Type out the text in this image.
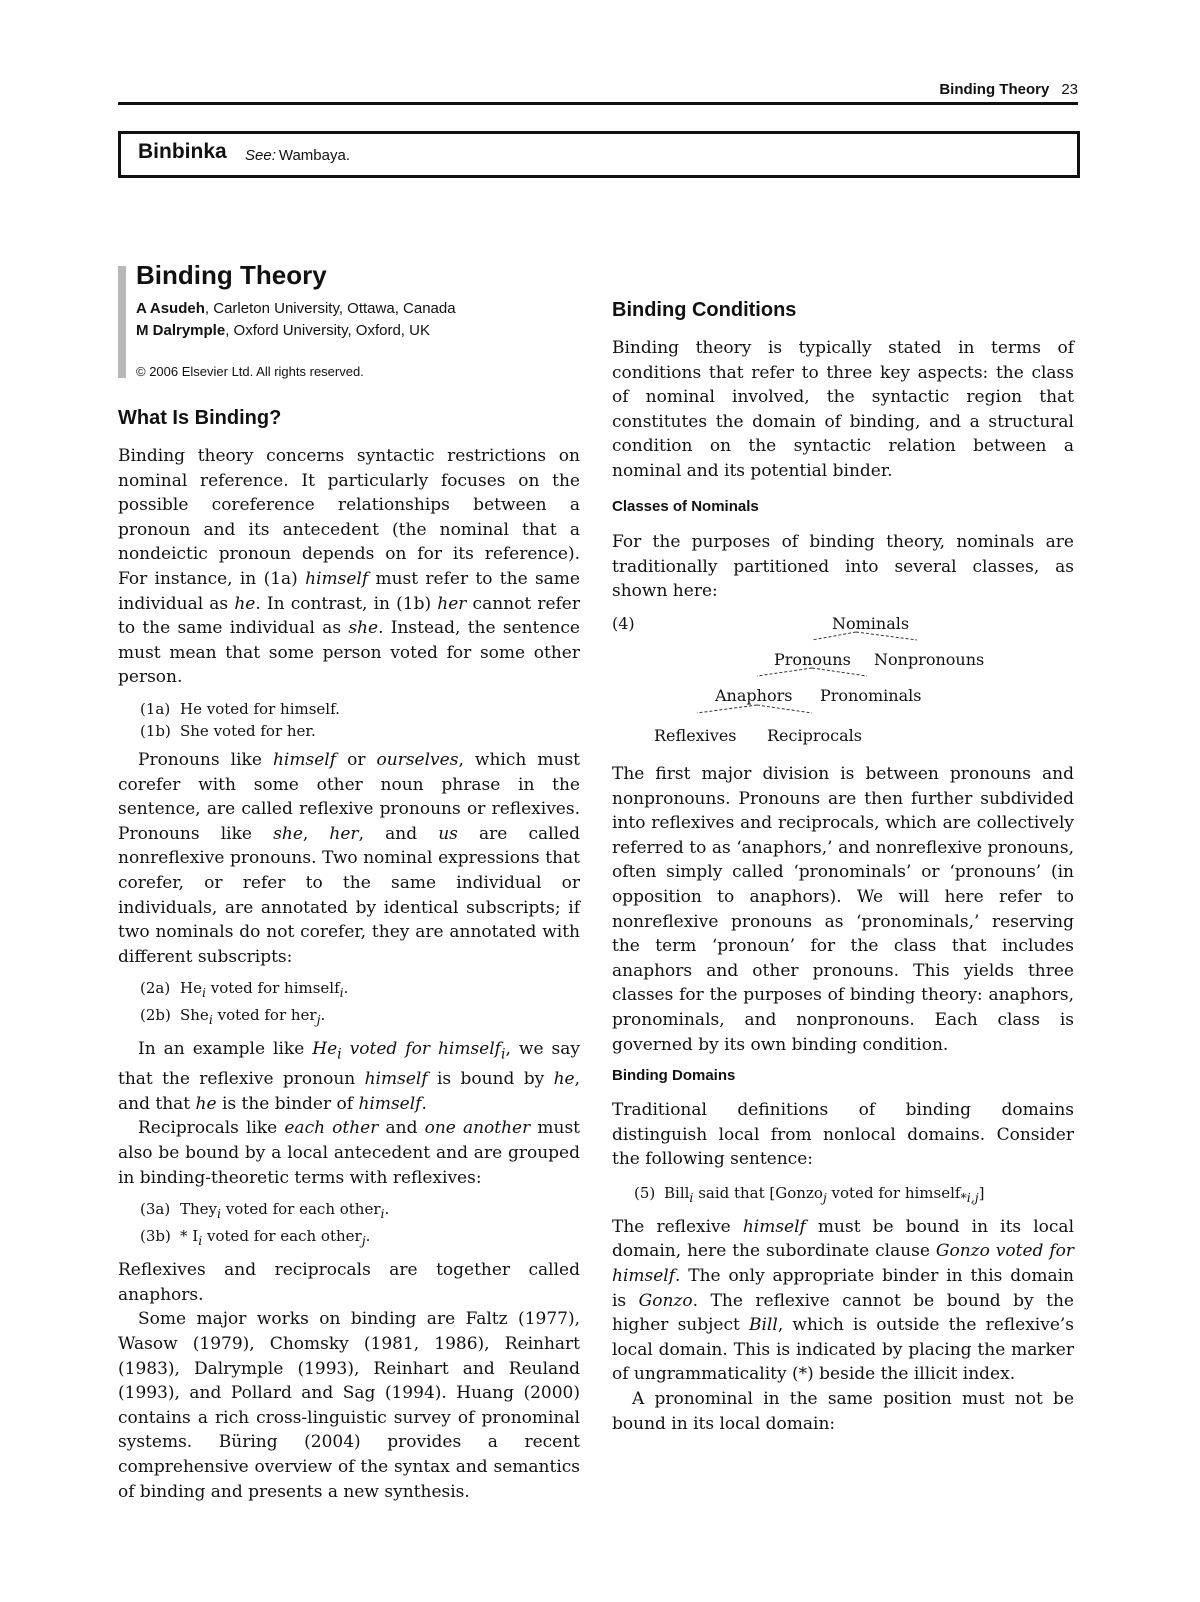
Binding Theory 23
Binbinka See: Wambaya.
Binding Theory
A Asudeh, Carleton University, Ottawa, Canada
M Dalrymple, Oxford University, Oxford, UK
© 2006 Elsevier Ltd. All rights reserved.
What Is Binding?

Binding theory concerns syntactic restrictions on nominal reference. It particularly focuses on the possible coreference relationships between a pronoun and its antecedent (the nominal that a nondeictic pronoun depends on for its reference). For instance, in (1a) himself must refer to the same individual as he. In contrast, in (1b) her cannot refer to the same individual as she. Instead, the sentence must mean that some person voted for some other person.

(1a) He voted for himself.

(1b) She voted for her.

Pronouns like himself or ourselves, which must corefer with some other noun phrase in the sentence, are called reflexive pronouns or reflexives. Pronouns like she, her, and us are called nonreflexive pronouns. Two nominal expressions that corefer, or refer to the same individual or individuals, are annotated by identical subscripts; if two nominals do not corefer, they are annotated with different subscripts:

(2a) $He_i$ voted for himself$_i$.

(2b) She$_i$ voted for her$_j$.

In an example like $He_i$ voted for himself$_i$, we say that the reflexive pronoun himself is bound by he, and that he is the binder of himself.

Reciprocals like each other and one another must also be bound by a local antecedent and are grouped in binding-theoretic terms with reflexives:

(3a) They$_i$ voted for each other$_i$.

$(3b) * I_i$ voted for each other$_j$.

Reflexives and reciprocals are together called anaphors.

Some major works on binding are Faltz (1977), Wasow (1979), Chomsky (1981, 1986), Reinhart (1983), Dalrymple (1993), Reinhart and Reuland (1993), and Pollard and Sag (1994). Huang (2000) contains a rich cross-linguistic survey of pronominal systems. Büring (2004) provides a recent comprehensive overview of the syntax and semantics of binding and presents a new synthesis.

Binding Conditions

Binding theory is typically stated in terms of conditions that refer to three key aspects: the class of nominal involved, the syntactic region that constitutes the domain of binding, and a structural condition on the syntactic relation between a nominal and its potential binder.

Classes of Nominals

For the purposes of binding theory, nominals are traditionally partitioned into several classes, as shown here:

(4)	Nominals
Pronouns Nonpronouns
Anaphors Pronominals
Reflexives Reciprocals

The first major division is between pronouns and nonpronouns. Pronouns are then further subdivided into reflexives and reciprocals, which are collectively referred to as ‘anaphors,’ and nonreflexive pronouns, often simply called ‘pronominals’ or ‘pronouns’ (in opposition to anaphors). We will here refer to nonreflexive pronouns as ‘pronominals,’ reserving the term ‘pronoun’ for the class that includes anaphors and other pronouns. This yields three classes for the purposes of binding theory: anaphors, pronominals, and nonpronouns. Each class is governed by its own binding condition.

Binding Domains

Traditional definitions of binding domains distinguish local from nonlocal domains. Consider the following sentence:

(5) Bill$_i$ said that [Gonzo$_j$ voted for himself$_{*i,j}$]

The reflexive himself must be bound in its local domain, here the subordinate clause Gonzo voted for himself. The only appropriate binder in this domain is Gonzo. The reflexive cannot be bound by the higher subject Bill, which is outside the reflexive’s local domain. This is indicated by placing the marker of ungrammaticality (*) beside the illicit index.

A pronominal in the same position must not be bound in its local domain:
